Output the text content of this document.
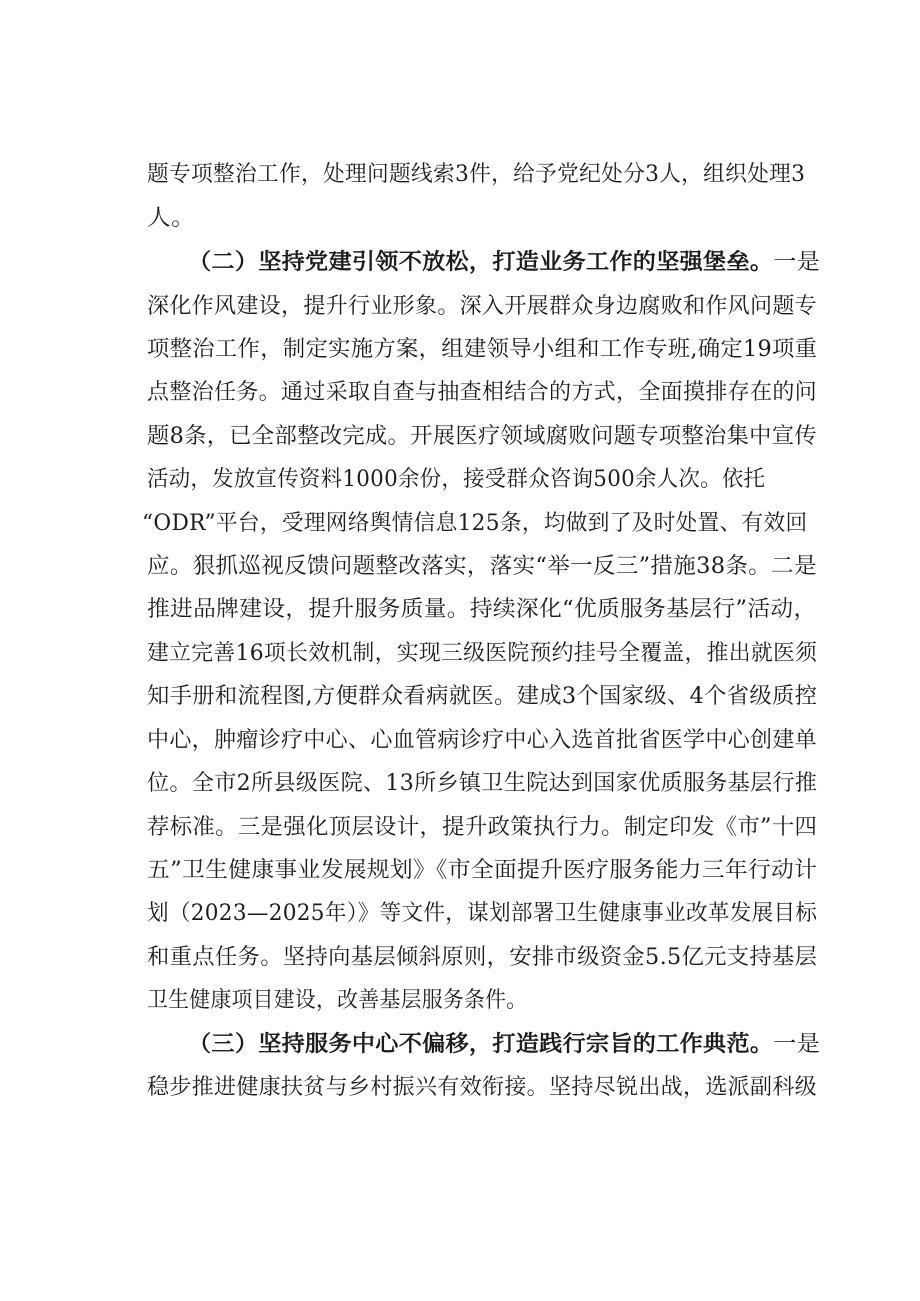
题专项整治工作，处理问题线索3件，给予党纪处分3人，组织处理3
人。
（二）坚持党建引领不放松，打造业务工作的坚强堡垒。一是
深化作风建设，提升行业形象。深入开展群众身边腐败和作风问题专
项整治工作，制定实施方案，组建领导小组和工作专班,确定19项重
点整治任务。通过采取自查与抽查相结合的方式，全面摸排存在的问
题8条，已全部整改完成。开展医疗领域腐败问题专项整治集中宣传
活动，发放宣传资料1000余份，接受群众咨询500余人次。依托
“ODR”平台，受理网络舆情信息125条，均做到了及时处置、有效回
应。狠抓巡视反馈问题整改落实，落实“举一反三”措施38条。二是
推进品牌建设，提升服务质量。持续深化“优质服务基层行”活动，
建立完善16项长效机制，实现三级医院预约挂号全覆盖，推出就医须
知手册和流程图,方便群众看病就医。建成3个国家级、4个省级质控
中心，肿瘤诊疗中心、心血管病诊疗中心入选首批省医学中心创建单
位。全市2所县级医院、13所乡镇卫生院达到国家优质服务基层行推
荐标准。三是强化顶层设计，提升政策执行力。制定印发《市”十四
五”卫生健康事业发展规划》《市全面提升医疗服务能力三年行动计
划（2023—2025年）》等文件，谋划部署卫生健康事业改革发展目标
和重点任务。坚持向基层倾斜原则，安排市级资金5.5亿元支持基层
卫生健康项目建设，改善基层服务条件。
（三）坚持服务中心不偏移，打造践行宗旨的工作典范。一是
稳步推进健康扶贫与乡村振兴有效衔接。坚持尽锐出战，选派副科级
